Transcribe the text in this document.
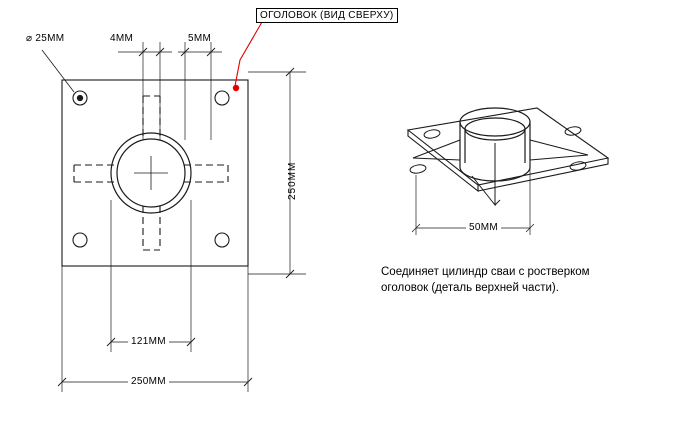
ОГОЛОВОК (ВИД СВЕРХУ)
⌀ 25MM	4MM	5MM
250MM
121MM
250MM
50MM
Соединяет цилиндр сваи с ростверком
оголовок (деталь верхней части).
